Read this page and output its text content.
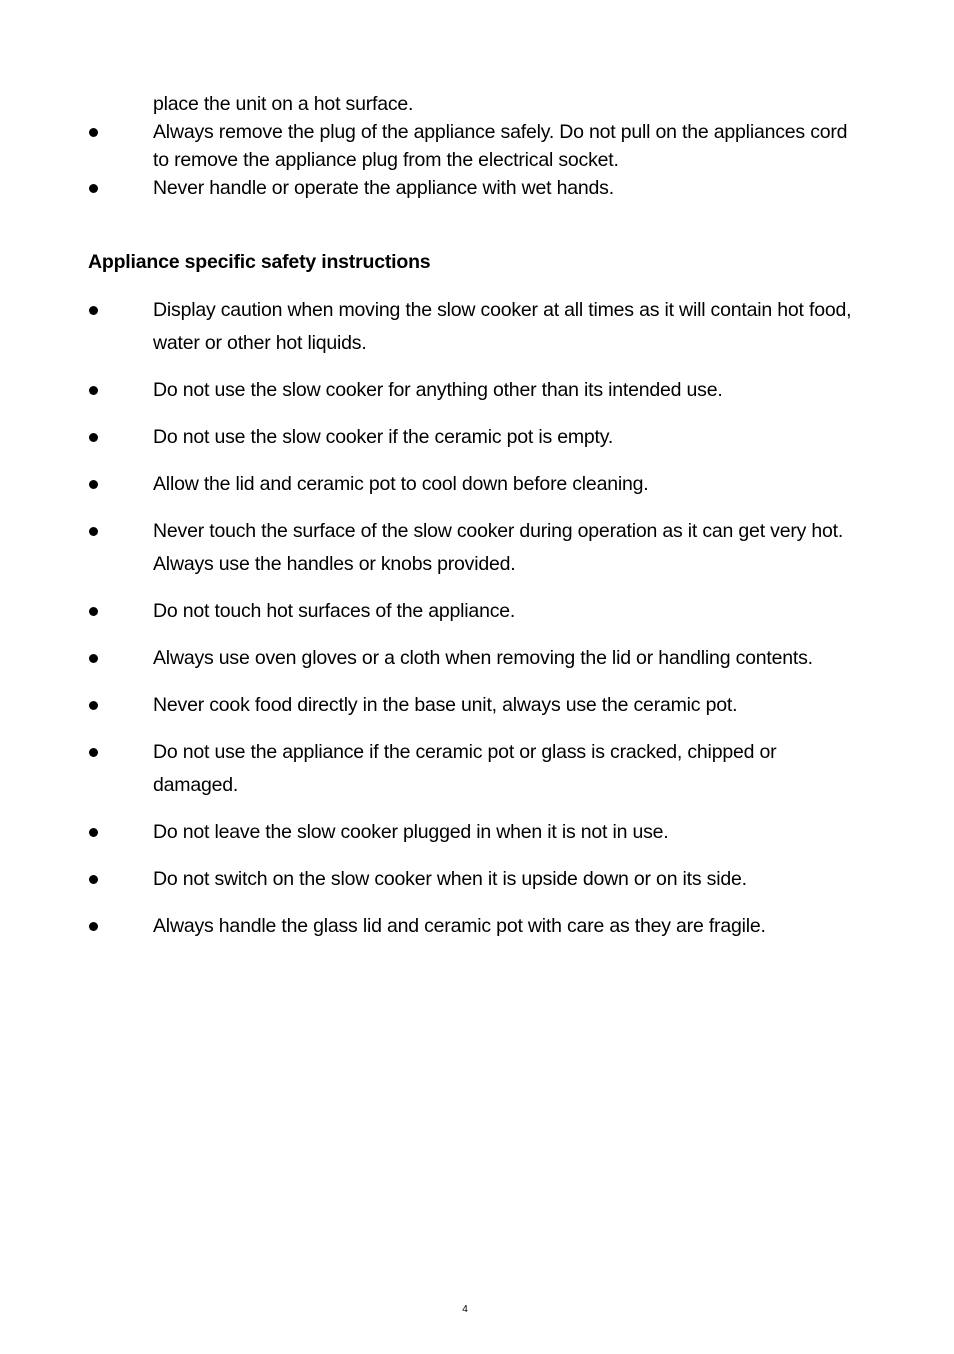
place the unit on a hot surface.
Always remove the plug of the appliance safely. Do not pull on the appliances cord to remove the appliance plug from the electrical socket.
Never handle or operate the appliance with wet hands.
Appliance specific safety instructions
Display caution when moving the slow cooker at all times as it will contain hot food, water or other hot liquids.
Do not use the slow cooker for anything other than its intended use.
Do not use the slow cooker if the ceramic pot is empty.
Allow the lid and ceramic pot to cool down before cleaning.
Never touch the surface of the slow cooker during operation as it can get very hot. Always use the handles or knobs provided.
Do not touch hot surfaces of the appliance.
Always use oven gloves or a cloth when removing the lid or handling contents.
Never cook food directly in the base unit, always use the ceramic pot.
Do not use the appliance if the ceramic pot or glass is cracked, chipped or damaged.
Do not leave the slow cooker plugged in when it is not in use.
Do not switch on the slow cooker when it is upside down or on its side.
Always handle the glass lid and ceramic pot with care as they are fragile.
4
